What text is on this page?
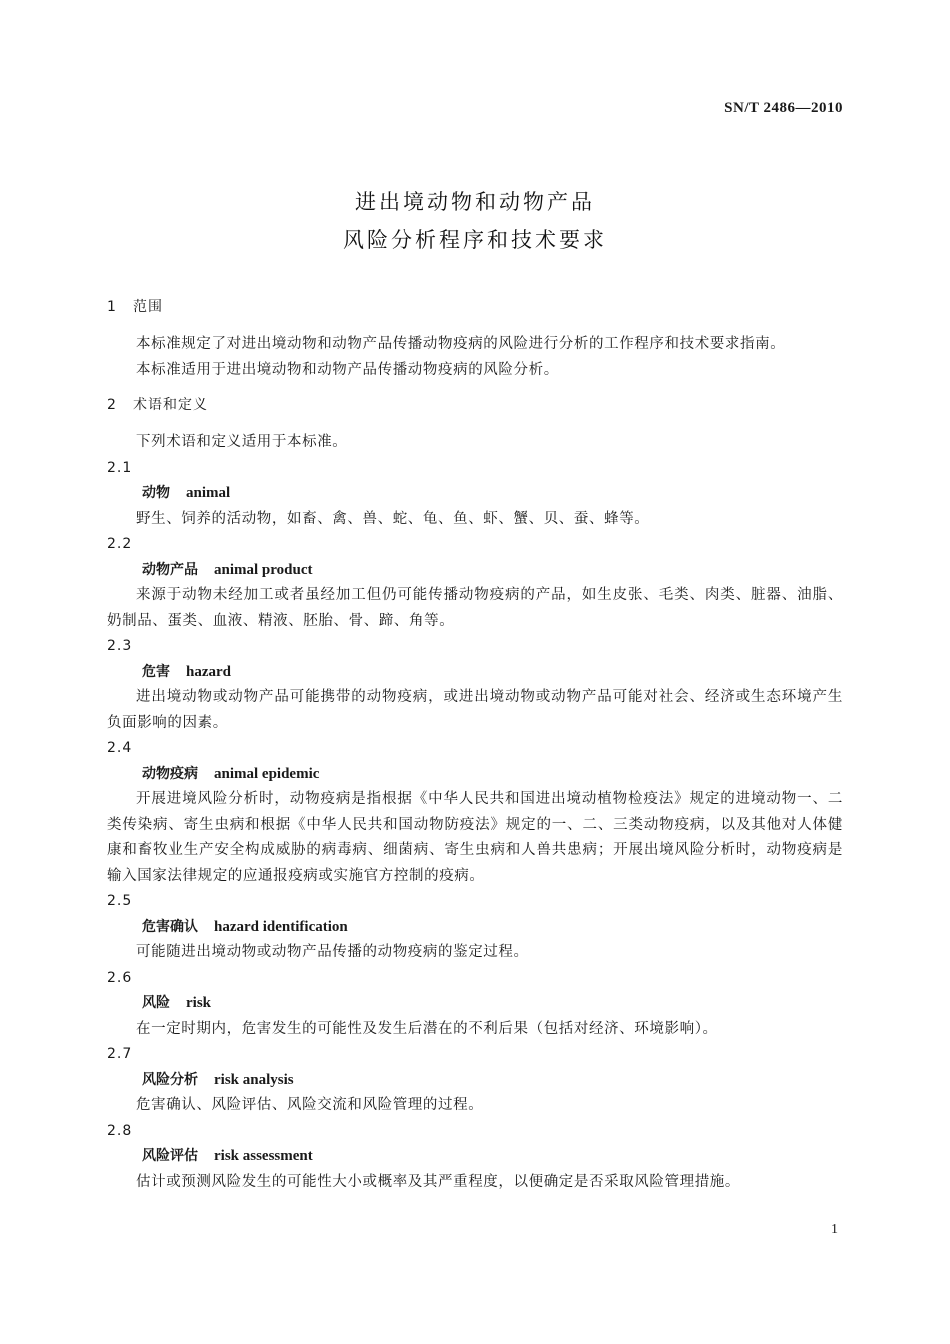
SN/T 2486—2010
进出境动物和动物产品
风险分析程序和技术要求

1 范围

本标准规定了对进出境动物和动物产品传播动物疫病的风险进行分析的工作程序和技术要求指南。

本标准适用于进出境动物和动物产品传播动物疫病的风险分析。

2 术语和定义

下列术语和定义适用于本标准。

2.1

动物 animal

野生、饲养的活动物，如畜、禽、兽、蛇、龟、鱼、虾、蟹、贝、蚕、蜂等。

2.2

动物产品 animal product

来源于动物未经加工或者虽经加工但仍可能传播动物疫病的产品，如生皮张、毛类、肉类、脏器、油脂、奶制品、蛋类、血液、精液、胚胎、骨、蹄、角等。

2.3

危害 hazard

进出境动物或动物产品可能携带的动物疫病，或进出境动物或动物产品可能对社会、经济或生态环境产生负面影响的因素。

2.4

动物疫病 animal epidemic

开展进境风险分析时，动物疫病是指根据《中华人民共和国进出境动植物检疫法》规定的进境动物一、二类传染病、寄生虫病和根据《中华人民共和国动物防疫法》规定的一、二、三类动物疫病，以及其他对人体健康和畜牧业生产安全构成威胁的病毒病、细菌病、寄生虫病和人兽共患病；开展出境风险分析时，动物疫病是输入国家法律规定的应通报疫病或实施官方控制的疫病。

2.5

危害确认 hazard identification

可能随进出境动物或动物产品传播的动物疫病的鉴定过程。

2.6

风险 risk

在一定时期内，危害发生的可能性及发生后潜在的不利后果（包括对经济、环境影响）。

2.7

风险分析 risk analysis

危害确认、风险评估、风险交流和风险管理的过程。

2.8

风险评估 risk assessment

估计或预测风险发生的可能性大小或概率及其严重程度，以便确定是否采取风险管理措施。

1
